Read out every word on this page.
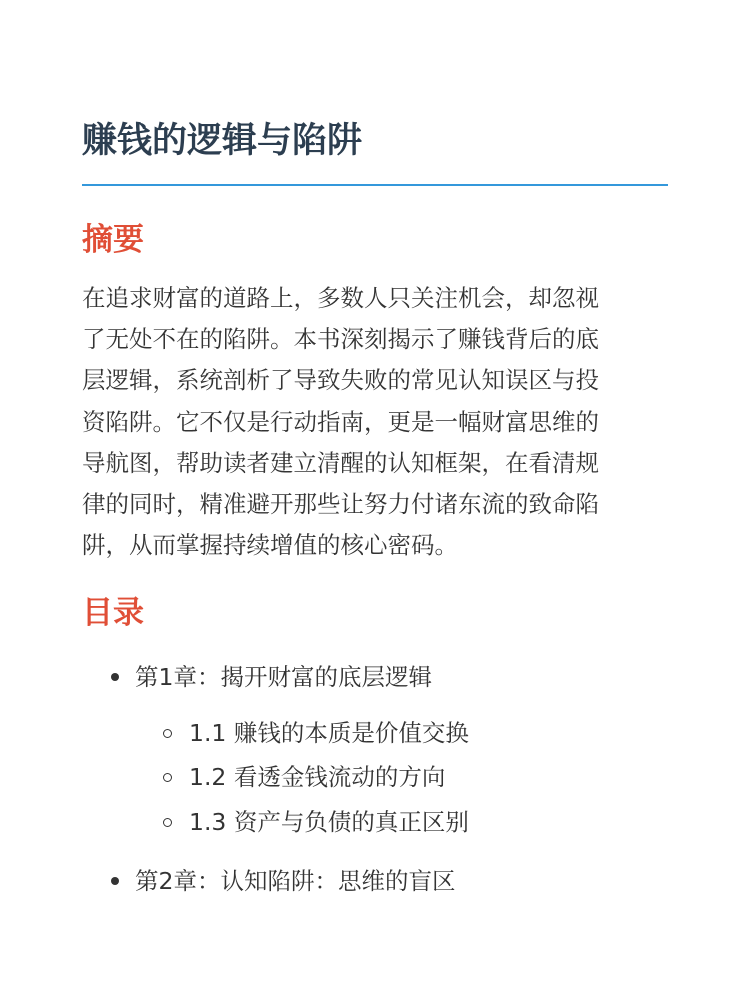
赚钱的逻辑与陷阱
摘要

在追求财富的道路上，多数人只关注机会，却忽视
了无处不在的陷阱。本书深刻揭示了赚钱背后的底
层逻辑，系统剖析了导致失败的常见认知误区与投
资陷阱。它不仅是行动指南，更是一幅财富思维的
导航图，帮助读者建立清醒的认知框架，在看清规
律的同时，精准避开那些让努力付诸东流的致命陷
阱，从而掌握持续增值的核心密码。

目录
第1章：揭开财富的底层逻辑
1.1 赚钱的本质是价值交换
1.2 看透金钱流动的方向
1.3 资产与负债的真正区别
第2章：认知陷阱：思维的盲区
